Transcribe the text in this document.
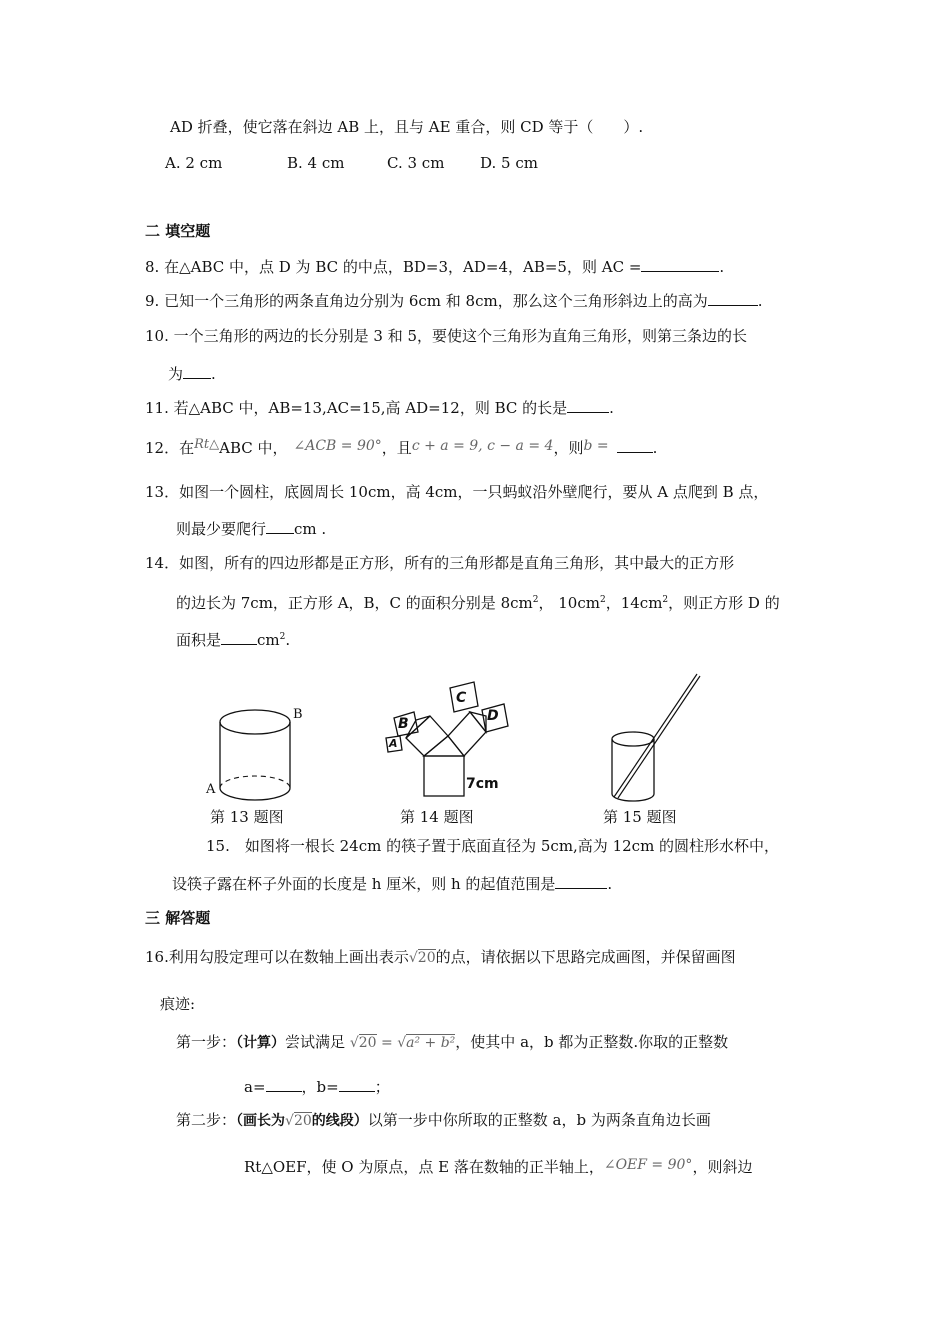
AD 折叠，使它落在斜边 AB 上，且与 AE 重合，则 CD 等于（　　）.
A. 2 cm	B. 4 cm	C. 3 cm D. 5 cm
二 填空题
8. 在△ABC 中，点 D 为 BC 的中点，BD=3，AD=4，AB=5，则 AC =	.
9. 已知一个三角形的两条直角边分别为 6cm 和 8cm，那么这个三角形斜边上的高为	.
10. 一个三角形的两边的长分别是 3 和 5，要使这个三角形为直角三角形，则第三条边的长
为 .
11. 若△ABC 中，AB=13,AC=15,高 AD=12，则 BC 的长是	.
12．在Rt△ABC 中， ∠ACB = 90°，且c + a = 9, c − a = 4，则b =	.
13．如图一个圆柱，底圆周长 10cm，高 4cm，一只蚂蚁沿外壁爬行，要从 A 点爬到 B 点，
则最少要爬行 cm .
14．如图，所有的四边形都是正方形，所有的三角形都是直角三角形，其中最大的正方形
的边长为 7cm，正方形 A，B，C 的面积分别是 $8cm^2$， $10cm^2$，$14cm^2$，则正方形 D 的
面积是 $cm^2$.
B
A
第 13 题图
C
D
B
A
7cm
第 14 题图	第 15 题图
15.　如图将一根长 24cm 的筷子置于底面直径为 5cm,高为 12cm 的圆柱形水杯中，
设筷子露在杯子外面的长度是 h 厘米，则 h 的起值范围是	.
三 解答题
16.利用勾股定理可以在数轴上画出表示√20的点，请依据以下思路完成画图，并保留画图
痕迹:
第一步：（计算）尝试满足 √20 = √a² + b²，使其中 a，b 都为正整数.你取的正整数
a= ，b= ；
第二步：（画长为√20的线段）以第一步中你所取的正整数 a，b 为两条直角边长画
Rt△OEF，使 O 为原点，点 E 落在数轴的正半轴上，∠OEF = 90°，则斜边
